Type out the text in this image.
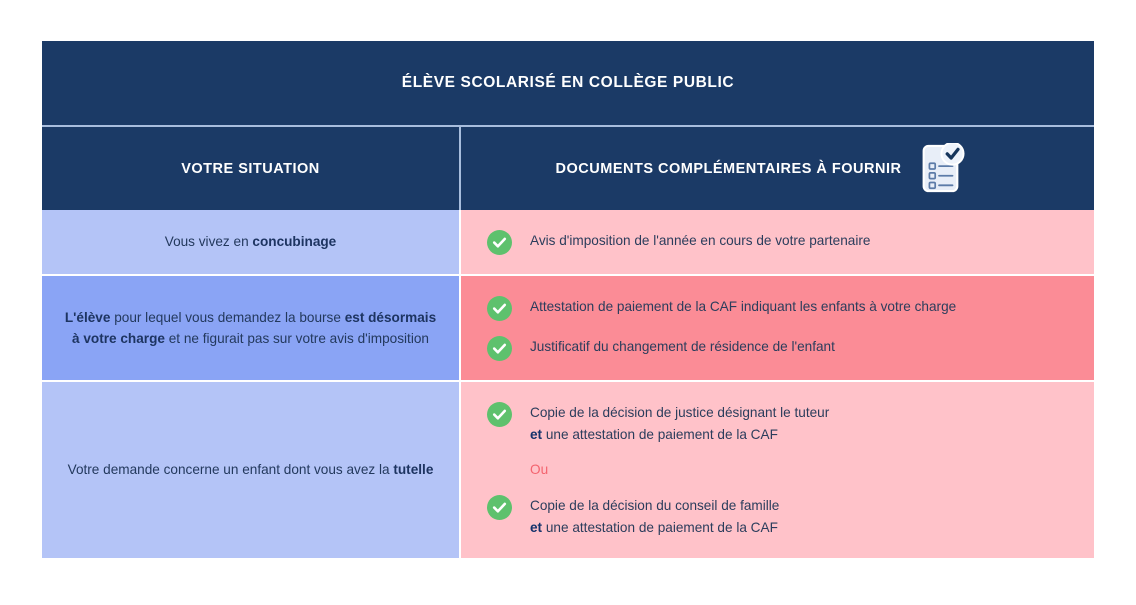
ÉLÈVE SCOLARISÉ EN COLLÈGE PUBLIC
VOTRE SITUATION	DOCUMENTS COMPLÉMENTAIRES À FOURNIR
Vous vivez en concubinage	Avis d'imposition de l'année en cours de votre partenaire
L'élève pour lequel vous demandez la bourse est désormais à votre charge et ne figurait pas sur votre avis d'imposition
Attestation de paiement de la CAF indiquant les enfants à votre charge
Justificatif du changement de résidence de l'enfant
Votre demande concerne un enfant dont vous avez la tutelle
Copie de la décision de justice désignant le tuteur
et une attestation de paiement de la CAF
Ou
Copie de la décision du conseil de famille
et une attestation de paiement de la CAF
